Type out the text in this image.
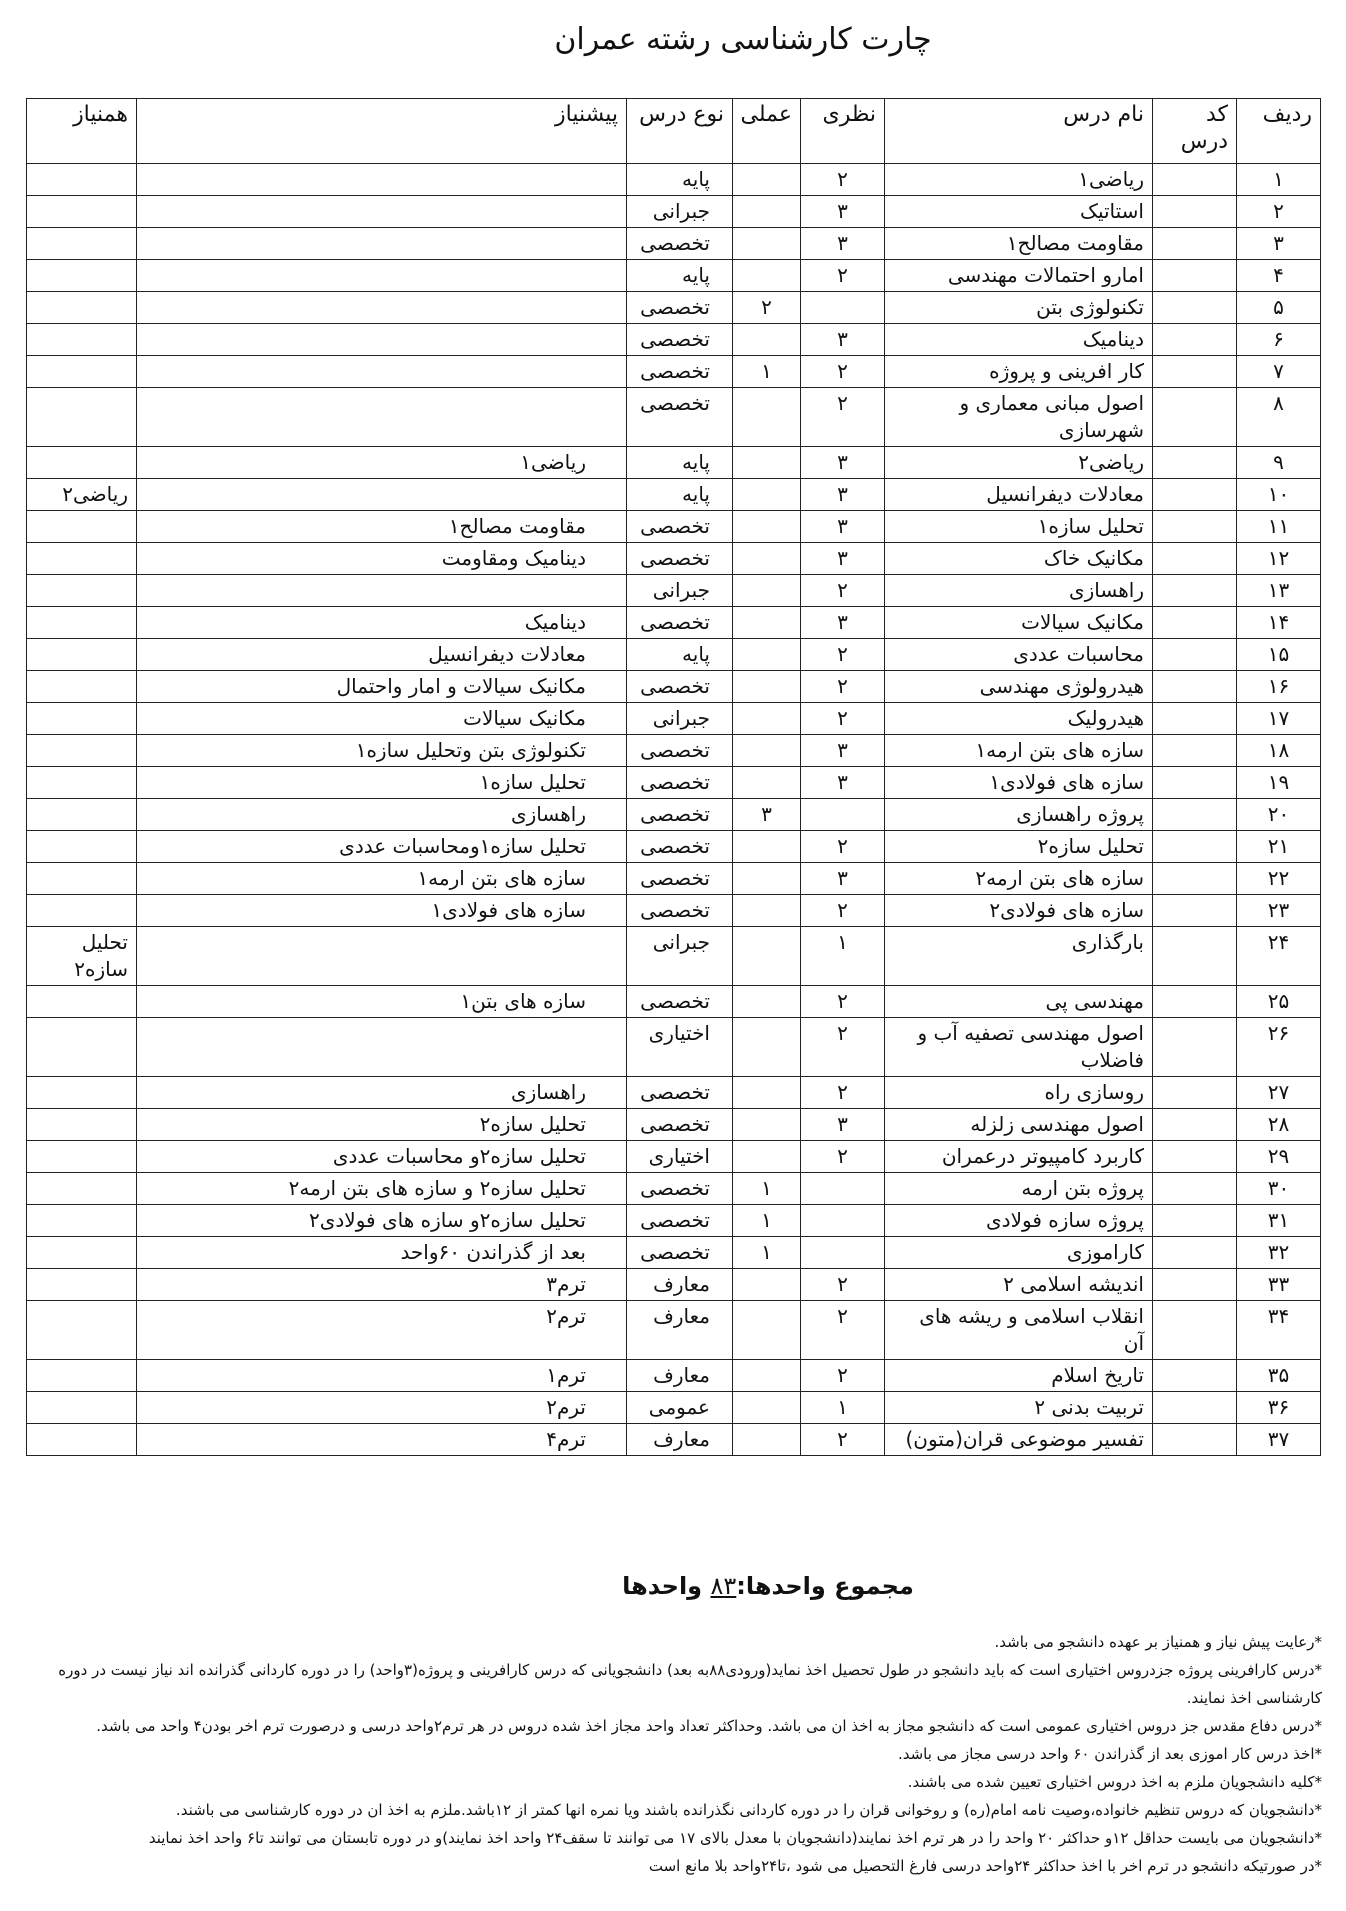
چارت کارشناسی رشته عمران
ردیف	کد درس	نام درس	نظری	عملی	نوع درس	پیشنیاز	همنیاز
۱		ریاضی۱	۲		پایه		
۲		استاتیک	۳		جبرانی		
۳		مقاومت مصالح۱	۳		تخصصی		
۴		امارو احتمالات مهندسی	۲		پایه		
۵		تکنولوژی بتن		۲	تخصصی		
۶		دینامیک	۳		تخصصی		
۷		کار افرینی و پروژه	۲	۱	تخصصی		
۸		اصول مبانی معماری و شهرسازی	۲		تخصصی		
۹		ریاضی۲	۳		پایه	ریاضی۱	
۱۰		معادلات دیفرانسیل	۳		پایه		ریاضی۲
۱۱		تحلیل سازه۱	۳		تخصصی	مقاومت مصالح۱	
۱۲		مکانیک خاک	۳		تخصصی	دینامیک ومقاومت	
۱۳		راهسازی	۲		جبرانی		
۱۴		مکانیک سیالات	۳		تخصصی	دینامیک	
۱۵		محاسبات عددی	۲		پایه	معادلات دیفرانسیل	
۱۶		هیدرولوژی مهندسی	۲		تخصصی	مکانیک سیالات و امار واحتمال	
۱۷		هیدرولیک	۲		جبرانی	مکانیک سیالات	
۱۸		سازه های بتن ارمه۱	۳		تخصصی	تکنولوژی بتن وتحلیل سازه۱	
۱۹		سازه های فولادی۱	۳		تخصصی	تحلیل سازه۱	
۲۰		پروژه راهسازی		۳	تخصصی	راهسازی	
۲۱		تحلیل سازه۲	۲		تخصصی	تحلیل سازه۱ومحاسبات عددی	
۲۲		سازه های بتن ارمه۲	۳		تخصصی	سازه های بتن ارمه۱	
۲۳		سازه های فولادی۲	۲		تخصصی	سازه های فولادی۱	
۲۴		بارگذاری	۱		جبرانی		تحلیل سازه۲
۲۵		مهندسی پی	۲		تخصصی	سازه های بتن۱	
۲۶		اصول مهندسی تصفیه آب و فاضلاب	۲		اختیاری		
۲۷		روسازی راه	۲		تخصصی	راهسازی	
۲۸		اصول مهندسی زلزله	۳		تخصصی	تحلیل سازه۲	
۲۹		کاربرد کامپیوتر درعمران	۲		اختیاری	تحلیل سازه۲و محاسبات عددی	
۳۰		پروژه بتن ارمه		۱	تخصصی	تحلیل سازه۲ و سازه های بتن ارمه۲	
۳۱		پروژه سازه فولادی		۱	تخصصی	تحلیل سازه۲و سازه های فولادی۲	
۳۲		کاراموزی		۱	تخصصی	بعد از گذراندن ۶۰واحد	
۳۳		اندیشه اسلامی ۲	۲		معارف	ترم۳	
۳۴		انقلاب اسلامی و ریشه های آن	۲		معارف	ترم۲	
۳۵		تاریخ اسلام	۲		معارف	ترم۱	
۳۶		تربیت بدنی ۲	۱		عمومی	ترم۲	
۳۷		تفسیر موضوعی قران(متون)	۲		معارف	ترم۴	
مجموع واحدها:۸۳ واحدها
*رعایت پیش نیاز و همنیاز بر عهده دانشجو می باشد.
*درس کارافرینی پروژه جزدروس اختیاری است که باید دانشجو در طول تحصیل اخذ نماید(ورودی۸۸به بعد) دانشجویانی که درس کارافرینی و پروژه(۳واحد) را در دوره کاردانی گذرانده اند نیاز نیست در دوره کارشناسی اخذ نمایند.
*درس دفاع مقدس جز دروس اختیاری عمومی است که دانشجو مجاز به اخذ ان می باشد. وحداکثر تعداد واحد مجاز اخذ شده دروس در هر ترم۲واحد درسی و درصورت ترم اخر بودن۴ واحد می باشد.
*اخذ درس کار اموزی بعد از گذراندن ۶۰ واحد درسی مجاز می باشد.
*کلیه دانشجویان ملزم به اخذ دروس اختیاری تعیین شده می باشند.
*دانشجویان که دروس تنظیم خانواده،وصیت نامه امام(ره) و روخوانی قران را در دوره کاردانی نگذرانده باشند ویا نمره انها کمتر از ۱۲باشد.ملزم به اخذ ان در دوره کارشناسی می باشند.
*دانشجویان می بایست حداقل ۱۲و حداکثر ۲۰ واحد را در هر ترم اخذ نمایند(دانشجویان با معدل بالای ۱۷ می توانند تا سقف۲۴ واحد اخذ نمایند)و در دوره تابستان می توانند تا۶ واحد اخذ نمایند
*در صورتیکه دانشجو در ترم اخر با اخذ حداکثر ۲۴واحد درسی فارغ التحصیل می شود ،تا۲۴واحد بلا مانع است
